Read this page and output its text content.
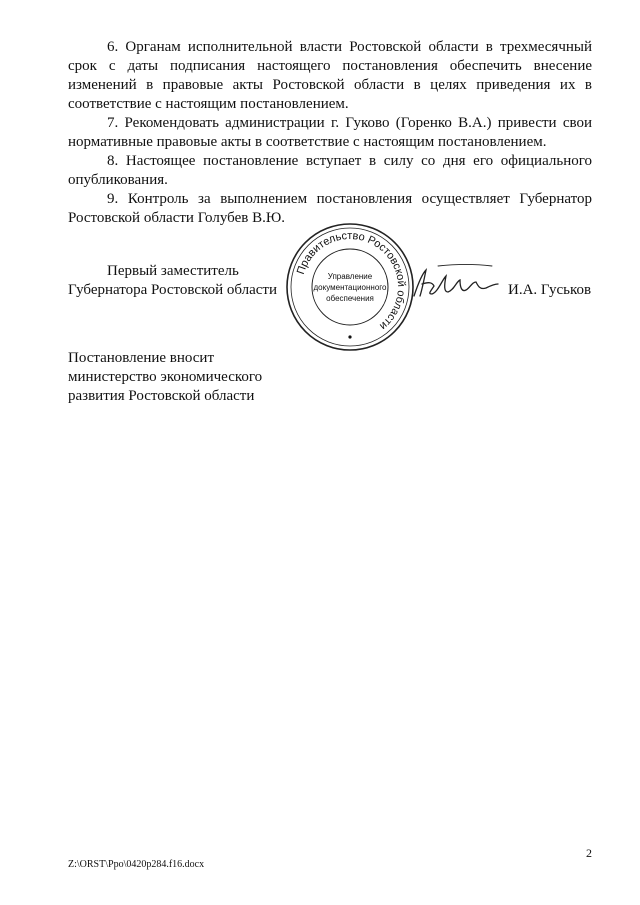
6. Органам исполнительной власти Ростовской области в трехмесячный срок с даты подписания настоящего постановления обеспечить внесение изменений в правовые акты Ростовской области в целях приведения их в соответствие с настоящим постановлением.

7. Рекомендовать администрации г. Гуково (Горенко В.А.) привести свои нормативные правовые акты в соответствие с настоящим постановлением.

8. Настоящее постановление вступает в силу со дня его официального опубликования.

9. Контроль за выполнением постановления осуществляет Губернатор Ростовской области Голубев В.Ю.

Первый заместитель
Губернатора Ростовской области
Правительство Ростовской области
Управление
документационного
обеспечения
И.А. Гуськов
Постановление вносит
министерство экономического
развития Ростовской области
2
Z:\ORST\Ppo\0420p284.f16.docx
